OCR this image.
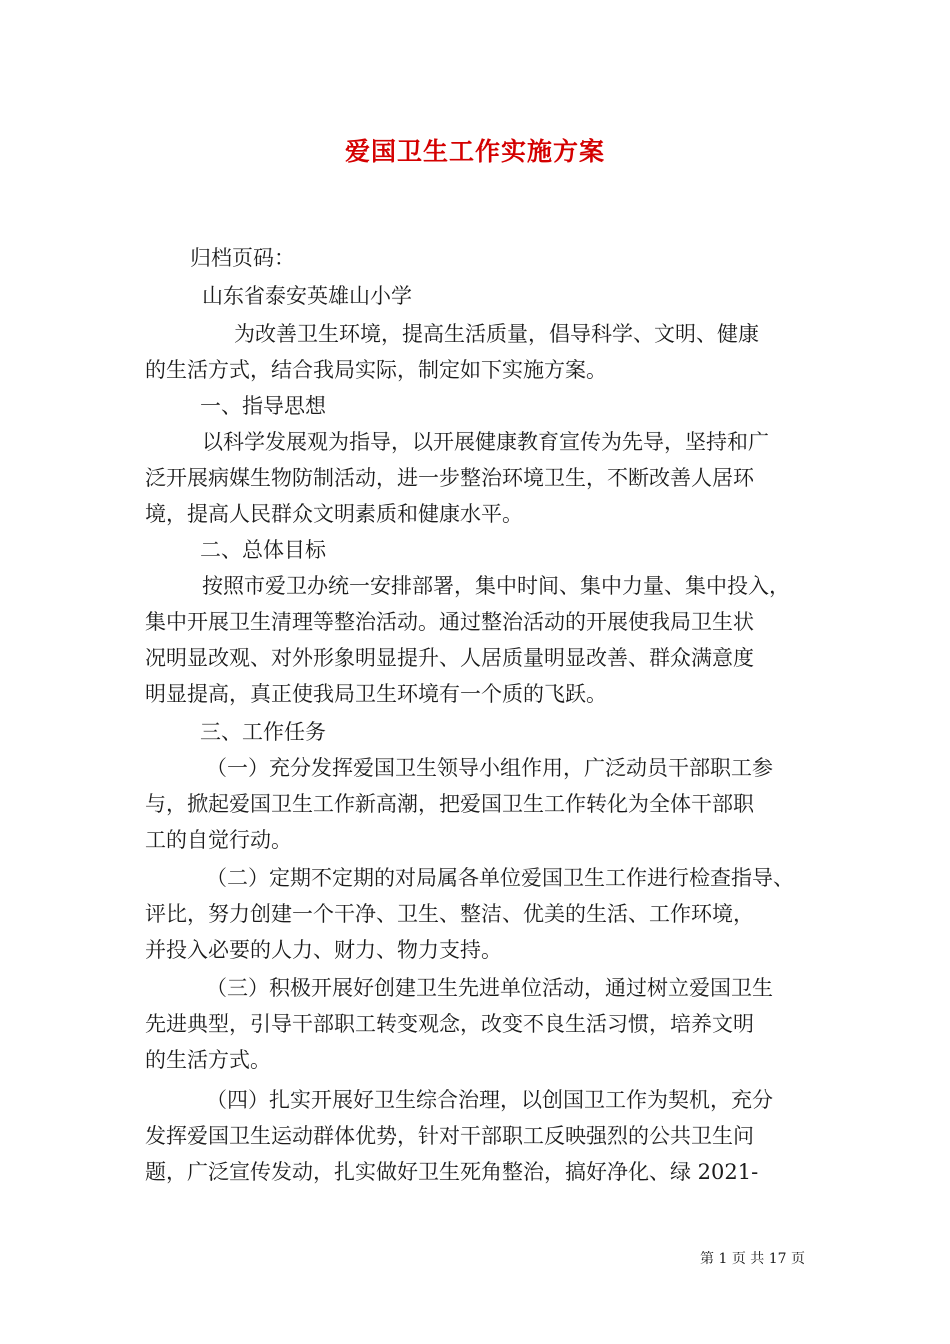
爱国卫生工作实施方案
归档页码：
山东省泰安英雄山小学
为改善卫生环境，提高生活质量，倡导科学、文明、健康
的生活方式，结合我局实际，制定如下实施方案。
一、指导思想
以科学发展观为指导，以开展健康教育宣传为先导，坚持和广
泛开展病媒生物防制活动，进一步整治环境卫生，不断改善人居环
境，提高人民群众文明素质和健康水平。
二、总体目标
按照市爱卫办统一安排部署，集中时间、集中力量、集中投入，
集中开展卫生清理等整治活动。通过整治活动的开展使我局卫生状
况明显改观、对外形象明显提升、人居质量明显改善、群众满意度
明显提高，真正使我局卫生环境有一个质的飞跃。
三、工作任务
（一）充分发挥爱国卫生领导小组作用，广泛动员干部职工参
与，掀起爱国卫生工作新高潮，把爱国卫生工作转化为全体干部职
工的自觉行动。
（二）定期不定期的对局属各单位爱国卫生工作进行检查指导、
评比，努力创建一个干净、卫生、整洁、优美的生活、工作环境，
并投入必要的人力、财力、物力支持。
（三）积极开展好创建卫生先进单位活动，通过树立爱国卫生
先进典型，引导干部职工转变观念，改变不良生活习惯，培养文明
的生活方式。
（四）扎实开展好卫生综合治理，以创国卫工作为契机，充分
发挥爱国卫生运动群体优势，针对干部职工反映强烈的公共卫生问
题，广泛宣传发动，扎实做好卫生死角整治，搞好净化、绿 2021-
第 1 页 共 17 页
